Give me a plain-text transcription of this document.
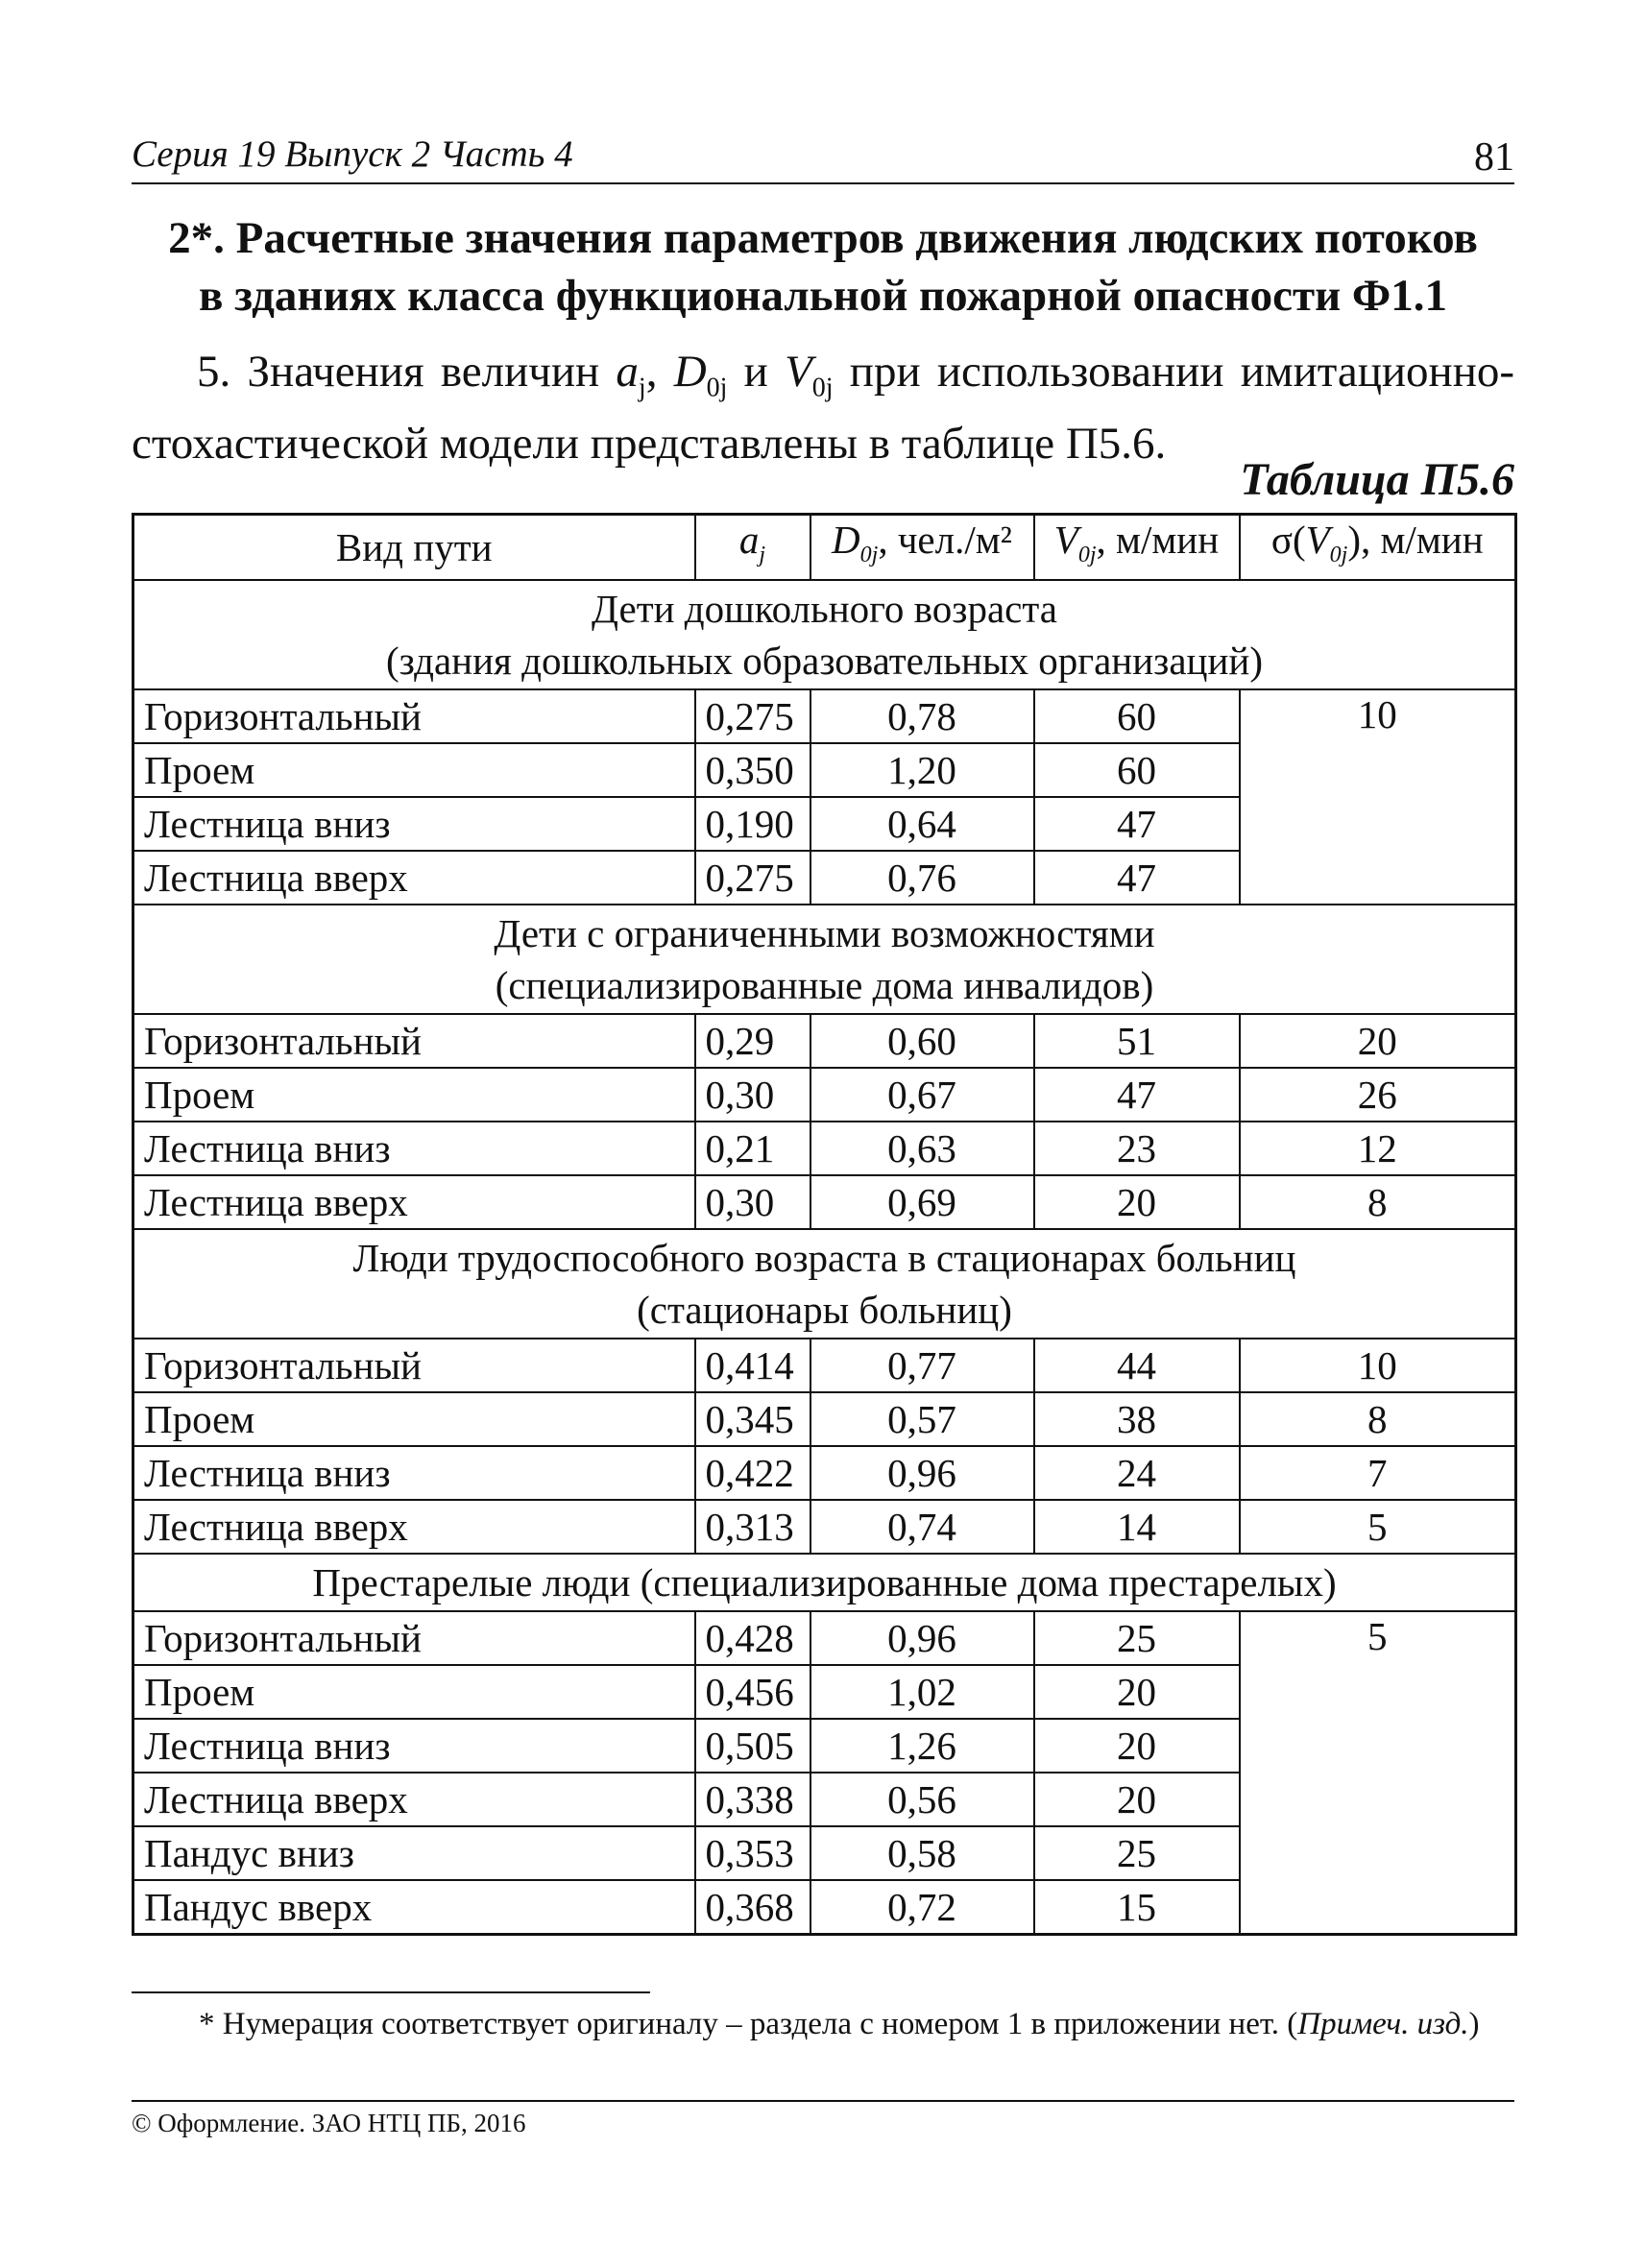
Серия 19 Выпуск 2 Часть 4	81
2*. Расчетные значения параметров движения людских потоков
в зданиях класса функциональной пожарной опасности Ф1.1
5. Значения величин $a_j$, $D_{0j}$ и $V_{0j}$ при использовании имитационно-стохастической модели представлены в таблице П5.6.
Таблица П5.6
Вид пути	$a_j$	$D_{0j}$, чел./м²	$V_{0j}$, м/мин	$\sigma(V_{0j})$, м/мин

Дети дошкольного возраста
(здания дошкольных образовательных организаций)				

Горизонтальный	0,275	0,78	60	10
Проем	0,350	1,20	60	
Лестница вниз	0,190	0,64	47	
Лестница вверх	0,275	0,76	47	

Дети с ограниченными возможностями
(специализированные дома инвалидов)				

Горизонтальный	0,29	0,60	51	20
Проем	0,30	0,67	47	26
Лестница вниз	0,21	0,63	23	12
Лестница вверх	0,30	0,69	20	8

Люди трудоспособного возраста в стационарах больниц
(стационары больниц)				

Горизонтальный	0,414	0,77	44	10
Проем	0,345	0,57	38	8
Лестница вниз	0,422	0,96	24	7
Лестница вверх	0,313	0,74	14	5

Престарелые люди (специализированные дома престарелых)				

Горизонтальный	0,428	0,96	25	5
Проем	0,456	1,02	20	
Лестница вниз	0,505	1,26	20	
Лестница вверх	0,338	0,56	20	
Пандус вниз	0,353	0,58	25	
Пандус вверх	0,368	0,72	15	
* Нумерация соответствует оригиналу – раздела с номером 1 в приложении нет. (Примеч. изд.)
© Оформление. ЗАО НТЦ ПБ, 2016
